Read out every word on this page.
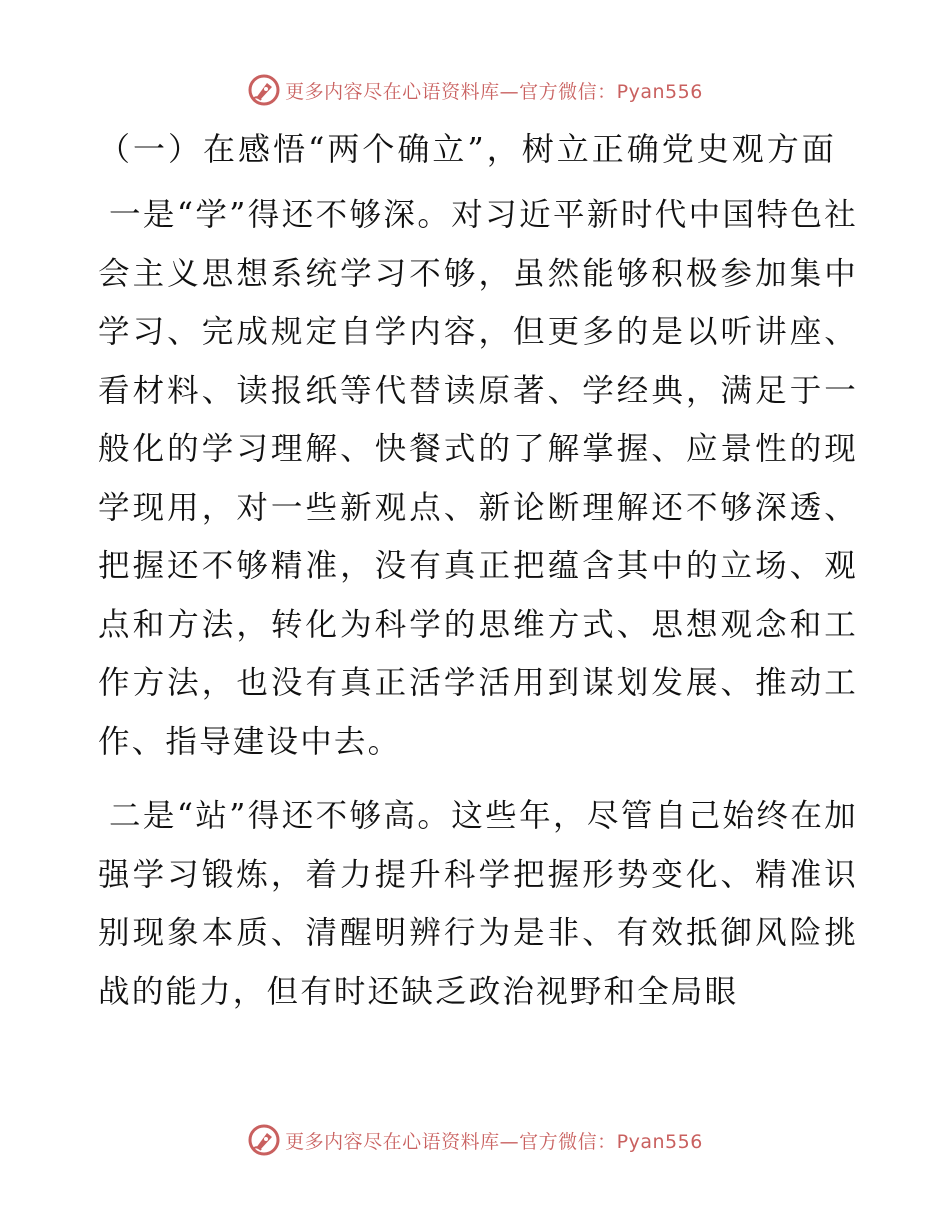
更多内容尽在心语资料库—官方微信：Pyan556
（一）在感悟“两个确立”，树立正确党史观方面

一是“学”得还不够深。对习近平新时代中国特色社会主义思想系统学习不够，虽然能够积极参加集中学习、完成规定自学内容，但更多的是以听讲座、看材料、读报纸等代替读原著、学经典，满足于一般化的学习理解、快餐式的了解掌握、应景性的现学现用，对一些新观点、新论断理解还不够深透、把握还不够精准，没有真正把蕴含其中的立场、观点和方法，转化为科学的思维方式、思想观念和工作方法，也没有真正活学活用到谋划发展、推动工作、指导建设中去。

二是“站”得还不够高。这些年，尽管自己始终在加强学习锻炼，着力提升科学把握形势变化、精准识别现象本质、清醒明辨行为是非、有效抵御风险挑战的能力，但有时还缺乏政治视野和全局眼

更多内容尽在心语资料库—官方微信：Pyan556
